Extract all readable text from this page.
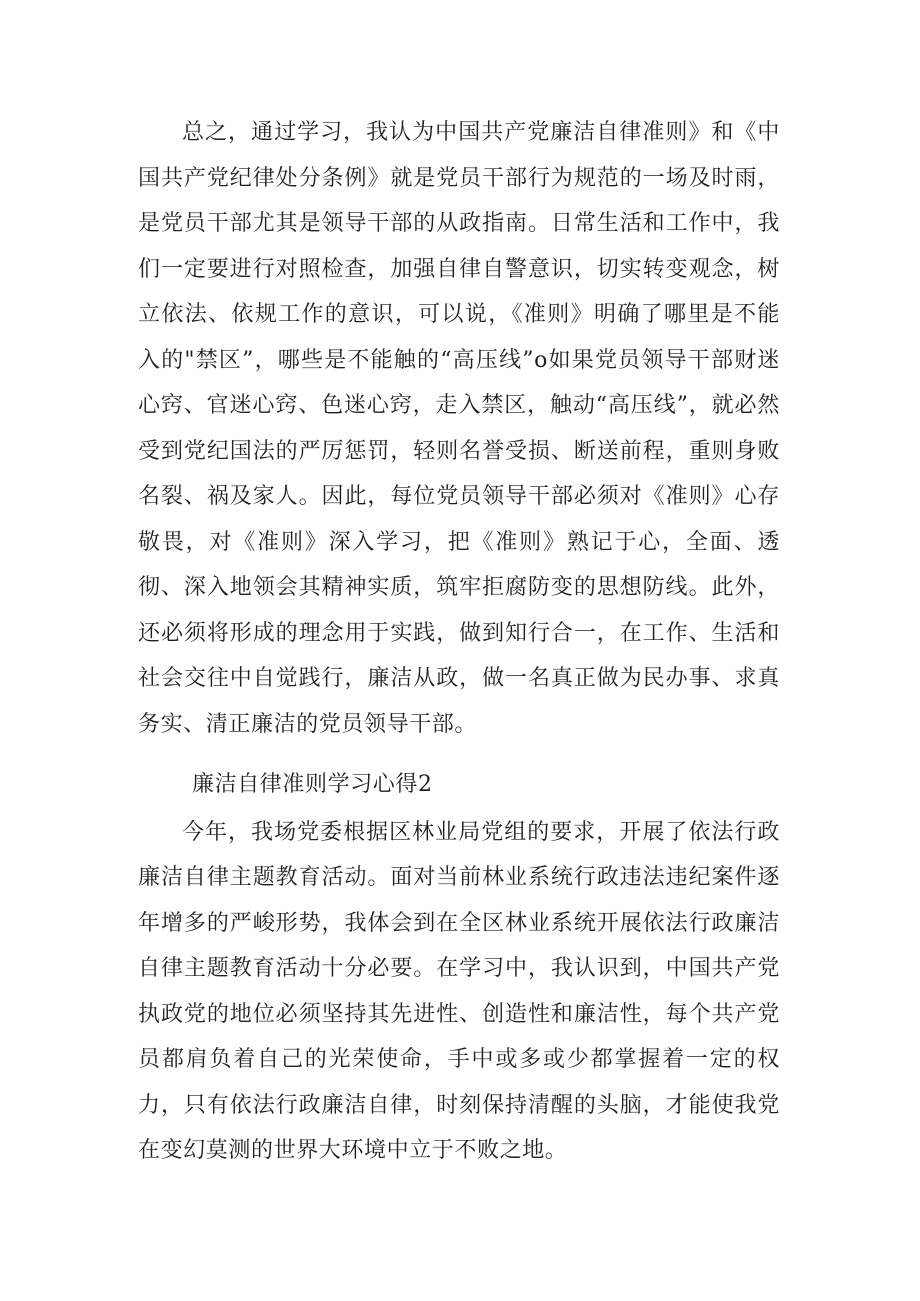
总之，通过学习，我认为中国共产党廉洁自律准则》和《中国共产党纪律处分条例》就是党员干部行为规范的一场及时雨，是党员干部尤其是领导干部的从政指南。日常生活和工作中，我们一定要进行对照检查，加强自律自警意识，切实转变观念，树立依法、依规工作的意识，可以说，《准则》明确了哪里是不能入的"禁区”，哪些是不能触的“高压线”o如果党员领导干部财迷心窍、官迷心窍、色迷心窍，走入禁区，触动“高压线”，就必然受到党纪国法的严厉惩罚，轻则名誉受损、断送前程，重则身败名裂、祸及家人。因此，每位党员领导干部必须对《准则》心存敬畏，对《准则》深入学习，把《准则》熟记于心，全面、透彻、深入地领会其精神实质，筑牢拒腐防变的思想防线。此外，还必须将形成的理念用于实践，做到知行合一，在工作、生活和社会交往中自觉践行，廉洁从政，做一名真正做为民办事、求真务实、清正廉洁的党员领导干部。

廉洁自律准则学习心得2

今年，我场党委根据区林业局党组的要求，开展了依法行政廉洁自律主题教育活动。面对当前林业系统行政违法违纪案件逐年增多的严峻形势，我体会到在全区林业系统开展依法行政廉洁自律主题教育活动十分必要。在学习中，我认识到，中国共产党执政党的地位必须坚持其先进性、创造性和廉洁性，每个共产党员都肩负着自己的光荣使命，手中或多或少都掌握着一定的权力，只有依法行政廉洁自律，时刻保持清醒的头脑，才能使我党在变幻莫测的世界大环境中立于不败之地。
